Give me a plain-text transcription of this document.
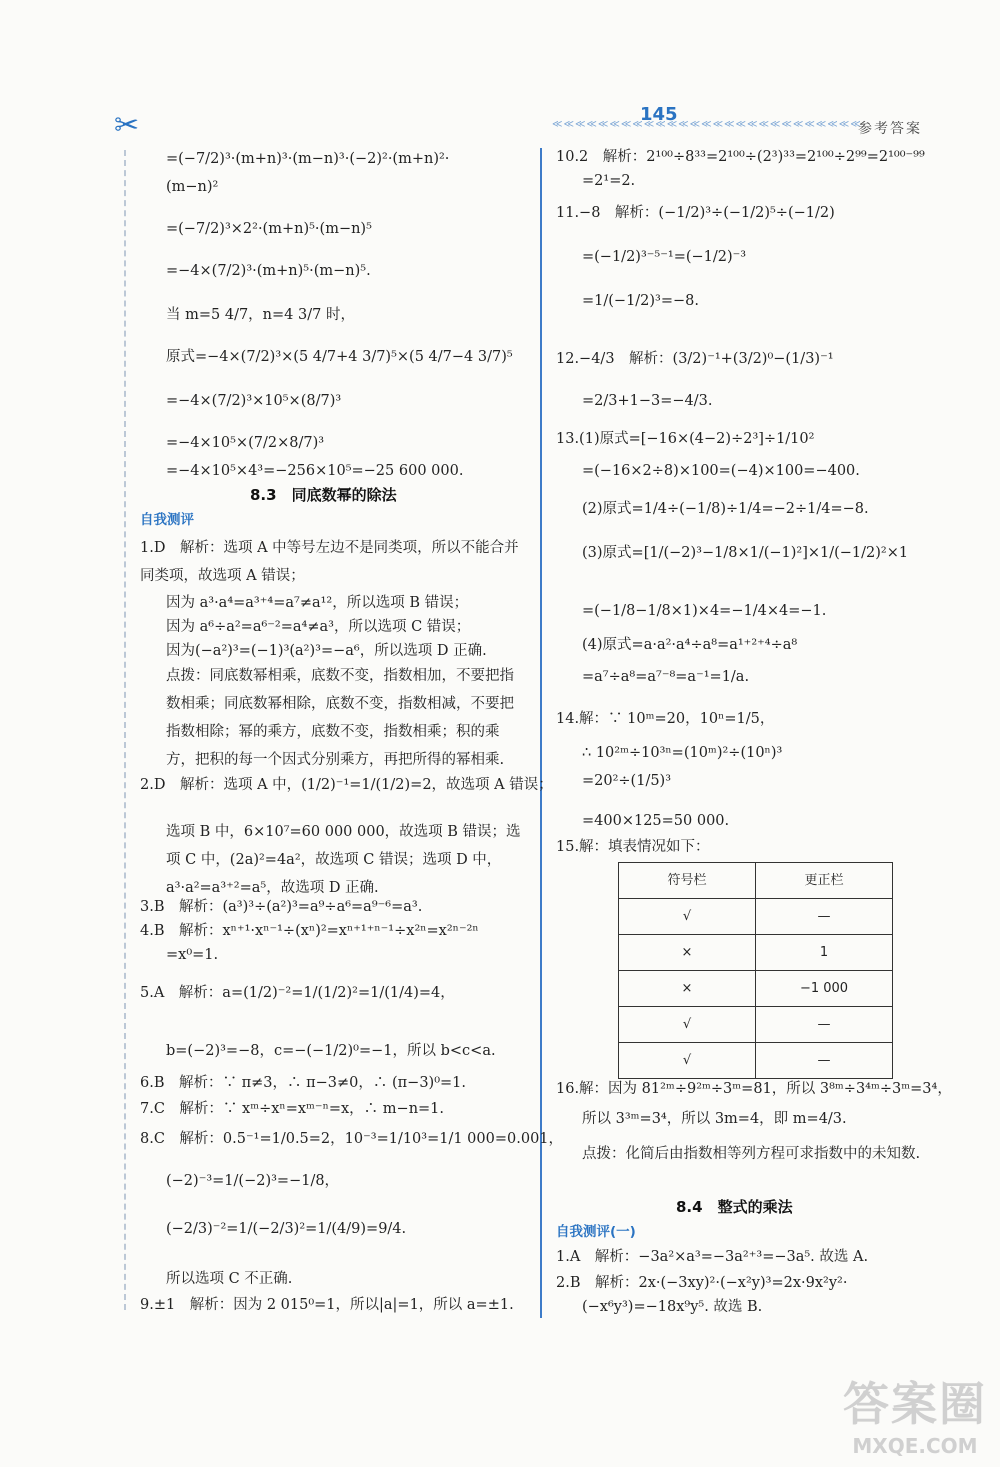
✂	145
≪≪≪≪≪≪≪≪≪≪≪≪≪≪≪≪≪≪≪≪≪≪≪≪≪≪≪
参考答案
=(−7/2)³·(m+n)³·(m−n)³·(−2)²·(m+n)²·
(m−n)²
=(−7/2)³×2²·(m+n)⁵·(m−n)⁵
=−4×(7/2)³·(m+n)⁵·(m−n)⁵.
当 m=5 4/7，n=4 3/7 时，
原式=−4×(7/2)³×(5 4/7+4 3/7)⁵×(5 4/7−4 3/7)⁵
=−4×(7/2)³×10⁵×(8/7)³
=−4×10⁵×(7/2×8/7)³
=−4×10⁵×4³=−256×10⁵=−25 600 000.
8.3　同底数幂的除法
自我测评
1.D　解析：选项 A 中等号左边不是同类项，所以不能合并同类项，故选项 A 错误；
因为 a³·a⁴=a³⁺⁴=a⁷≠a¹²，所以选项 B 错误；
因为 a⁶÷a²=a⁶⁻²=a⁴≠a³，所以选项 C 错误；
因为(−a²)³=(−1)³(a²)³=−a⁶，所以选项 D 正确.
点拨：同底数幂相乘，底数不变，指数相加，不要把指数相乘；同底数幂相除，底数不变，指数相减，不要把指数相除；幂的乘方，底数不变，指数相乘；积的乘方，把积的每一个因式分别乘方，再把所得的幂相乘.
2.D　解析：选项 A 中，(1/2)⁻¹=1/(1/2)=2，故选项 A 错误；
选项 B 中，6×10⁷=60 000 000，故选项 B 错误；选项 C 中，(2a)²=4a²，故选项 C 错误；选项 D 中，a³·a²=a³⁺²=a⁵，故选项 D 正确.
3.B　解析：(a³)³÷(a²)³=a⁹÷a⁶=a⁹⁻⁶=a³.
4.B　解析：xⁿ⁺¹·xⁿ⁻¹÷(xⁿ)²=xⁿ⁺¹⁺ⁿ⁻¹÷x²ⁿ=x²ⁿ⁻²ⁿ
=x⁰=1.
5.A　解析：a=(1/2)⁻²=1/(1/2)²=1/(1/4)=4，
b=(−2)³=−8，c=−(−1/2)⁰=−1，所以 b<c<a.
6.B　解析：∵ π≠3，∴ π−3≠0，∴ (π−3)⁰=1.
7.C　解析：∵ xᵐ÷xⁿ=xᵐ⁻ⁿ=x，∴ m−n=1.
8.C　解析：0.5⁻¹=1/0.5=2，10⁻³=1/10³=1/1 000=0.001，
(−2)⁻³=1/(−2)³=−1/8，
(−2/3)⁻²=1/(−2/3)²=1/(4/9)=9/4.
所以选项 C 不正确.
9.±1　解析：因为 2 015⁰=1，所以|a|=1，所以 a=±1.
10.2　解析：2¹⁰⁰÷8³³=2¹⁰⁰÷(2³)³³=2¹⁰⁰÷2⁹⁹=2¹⁰⁰⁻⁹⁹
=2¹=2.
11.−8　解析：(−1/2)³÷(−1/2)⁵÷(−1/2)
=(−1/2)³⁻⁵⁻¹=(−1/2)⁻³
=1/(−1/2)³=−8.
12.−4/3　解析：(3/2)⁻¹+(3/2)⁰−(1/3)⁻¹
=2/3+1−3=−4/3.
13.(1)原式=[−16×(4−2)÷2³]÷1/10²
=(−16×2÷8)×100=(−4)×100=−400.
(2)原式=1/4÷(−1/8)÷1/4=−2÷1/4=−8.
(3)原式=[1/(−2)³−1/8×1/(−1)²]×1/(−1/2)²×1
=(−1/8−1/8×1)×4=−1/4×4=−1.
(4)原式=a·a²·a⁴÷a⁸=a¹⁺²⁺⁴÷a⁸
=a⁷÷a⁸=a⁷⁻⁸=a⁻¹=1/a.
14.解：∵ 10ᵐ=20，10ⁿ=1/5，
∴ 10²ᵐ÷10³ⁿ=(10ᵐ)²÷(10ⁿ)³
=20²÷(1/5)³
=400×125=50 000.
15.解：填表情况如下：
符号栏	更正栏
√	—
×	1
×	−1 000
√	—
√	—
16.解：因为 81²ᵐ÷9²ᵐ÷3ᵐ=81，所以 3⁸ᵐ÷3⁴ᵐ÷3ᵐ=3⁴，
所以 3³ᵐ=3⁴，所以 3m=4，即 m=4/3.
点拨：化简后由指数相等列方程可求指数中的未知数.
8.4　整式的乘法
自我测评(一)
1.A　解析：−3a²×a³=−3a²⁺³=−3a⁵. 故选 A.
2.B　解析：2x·(−3xy)²·(−x²y)³=2x·9x²y²·
(−x⁶y³)=−18x⁹y⁵. 故选 B.
答案圈
MXQE.COM
